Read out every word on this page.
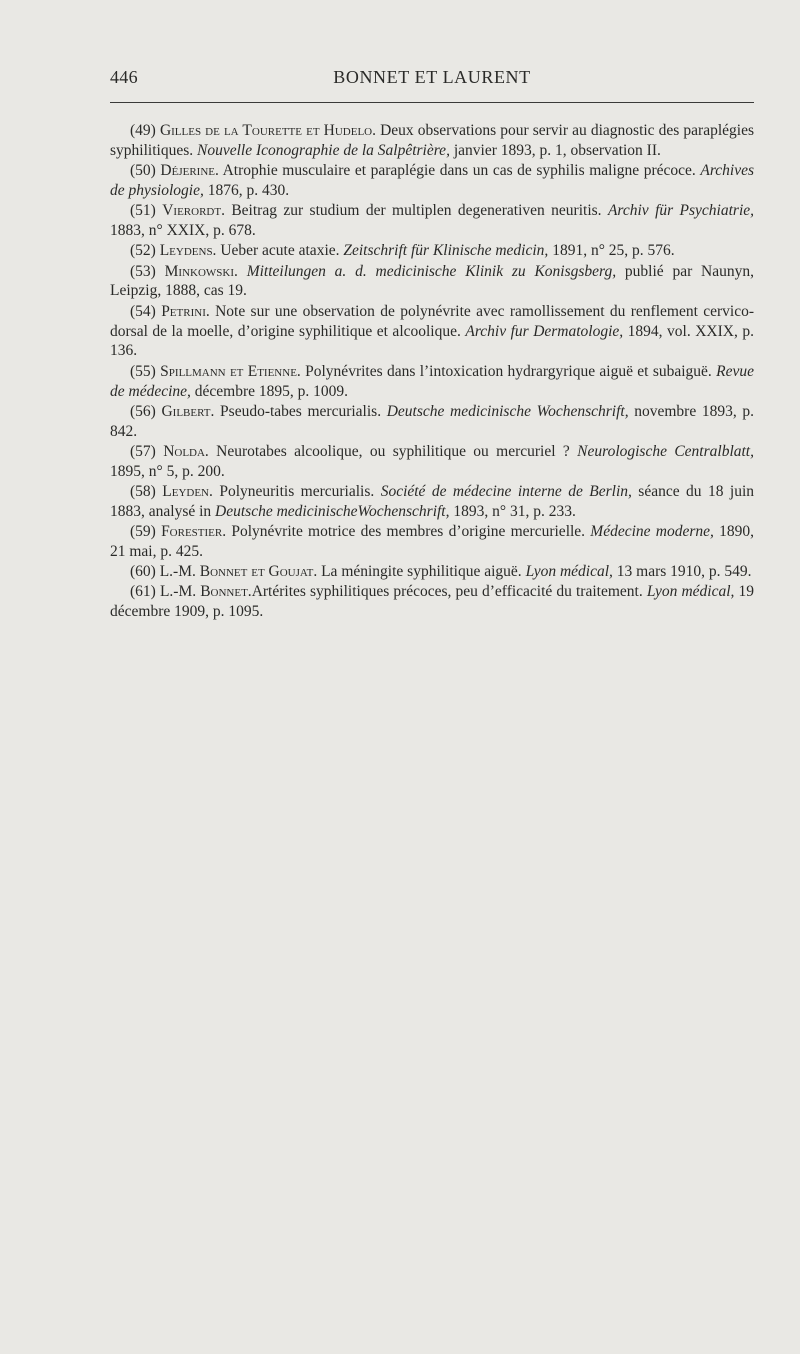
446	BONNET ET LAURENT

(49) Gilles de la Tourette et Hudelo. Deux observations pour servir au diagnostic des paraplégies syphilitiques. Nouvelle Iconographie de la Salpêtrière, janvier 1893, p. 1, observation II.

(50) Déjerine. Atrophie musculaire et paraplégie dans un cas de syphilis maligne précoce. Archives de physiologie, 1876, p. 430.

(51) Vierordt. Beitrag zur studium der multiplen degenerativen neuritis. Archiv für Psychiatrie, 1883, n° XXIX, p. 678.

(52) Leydens. Ueber acute ataxie. Zeitschrift für Klinische medicin, 1891, n° 25, p. 576.

(53) Minkowski. Mitteilungen a. d. medicinische Klinik zu Konisgsberg, publié par Naunyn, Leipzig, 1888, cas 19.

(54) Petrini. Note sur une observation de polynévrite avec ramollissement du renflement cervico-dorsal de la moelle, d’origine syphilitique et alcoolique. Archiv fur Dermatologie, 1894, vol. XXIX, p. 136.

(55) Spillmann et Etienne. Polynévrites dans l’intoxication hydrargyrique aiguë et subaiguë. Revue de médecine, décembre 1895, p. 1009.

(56) Gilbert. Pseudo-tabes mercurialis. Deutsche medicinische Wochenschrift, novembre 1893, p. 842.

(57) Nolda. Neurotabes alcoolique, ou syphilitique ou mercuriel ? Neurologische Centralblatt, 1895, n° 5, p. 200.

(58) Leyden. Polyneuritis mercurialis. Société de médecine interne de Berlin, séance du 18 juin 1883, analysé in Deutsche medicinischeWochenschrift, 1893, n° 31, p. 233.

(59) Forestier. Polynévrite motrice des membres d’origine mercurielle. Médecine moderne, 1890, 21 mai, p. 425.

(60) L.-M. Bonnet et Goujat. La méningite syphilitique aiguë. Lyon médical, 13 mars 1910, p. 549.

(61) L.-M. Bonnet.Artérites syphilitiques précoces, peu d’efficacité du traitement. Lyon médical, 19 décembre 1909, p. 1095.
